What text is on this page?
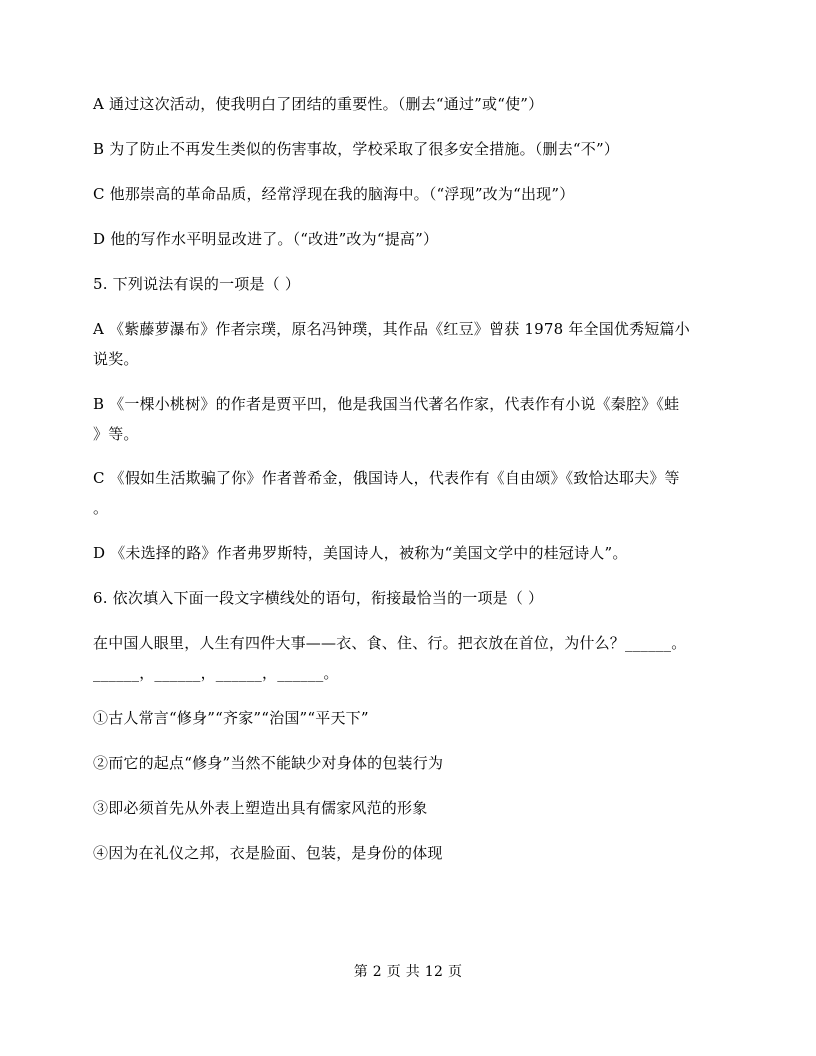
A 通过这次活动，使我明白了团结的重要性。（删去“通过”或“使”）
B 为了防止不再发生类似的伤害事故，学校采取了很多安全措施。（删去“不”）
C 他那崇高的革命品质，经常浮现在我的脑海中。（“浮现”改为“出现”）
D 他的写作水平明显改进了。（“改进”改为“提高”）
5. 下列说法有误的一项是（ ）
A 《紫藤萝瀑布》作者宗璞，原名冯钟璞，其作品《红豆》曾获 1978 年全国优秀短篇小
说奖。
B 《一棵小桃树》的作者是贾平凹，他是我国当代著名作家，代表作有小说《秦腔》《蛙
》等。
C 《假如生活欺骗了你》作者普希金，俄国诗人，代表作有《自由颂》《致恰达耶夫》等
。
D 《未选择的路》作者弗罗斯特，美国诗人，被称为“美国文学中的桂冠诗人”。
6. 依次填入下面一段文字横线处的语句，衔接最恰当的一项是（ ）
在中国人眼里，人生有四件大事——衣、食、住、行。把衣放在首位，为什么？______。
______，______，______，______。
①古人常言“修身”“齐家”“治国”“平天下”
②而它的起点“修身”当然不能缺少对身体的包装行为
③即必须首先从外表上塑造出具有儒家风范的形象
④因为在礼仪之邦，衣是脸面、包装，是身份的体现
第 2 页 共 12 页
